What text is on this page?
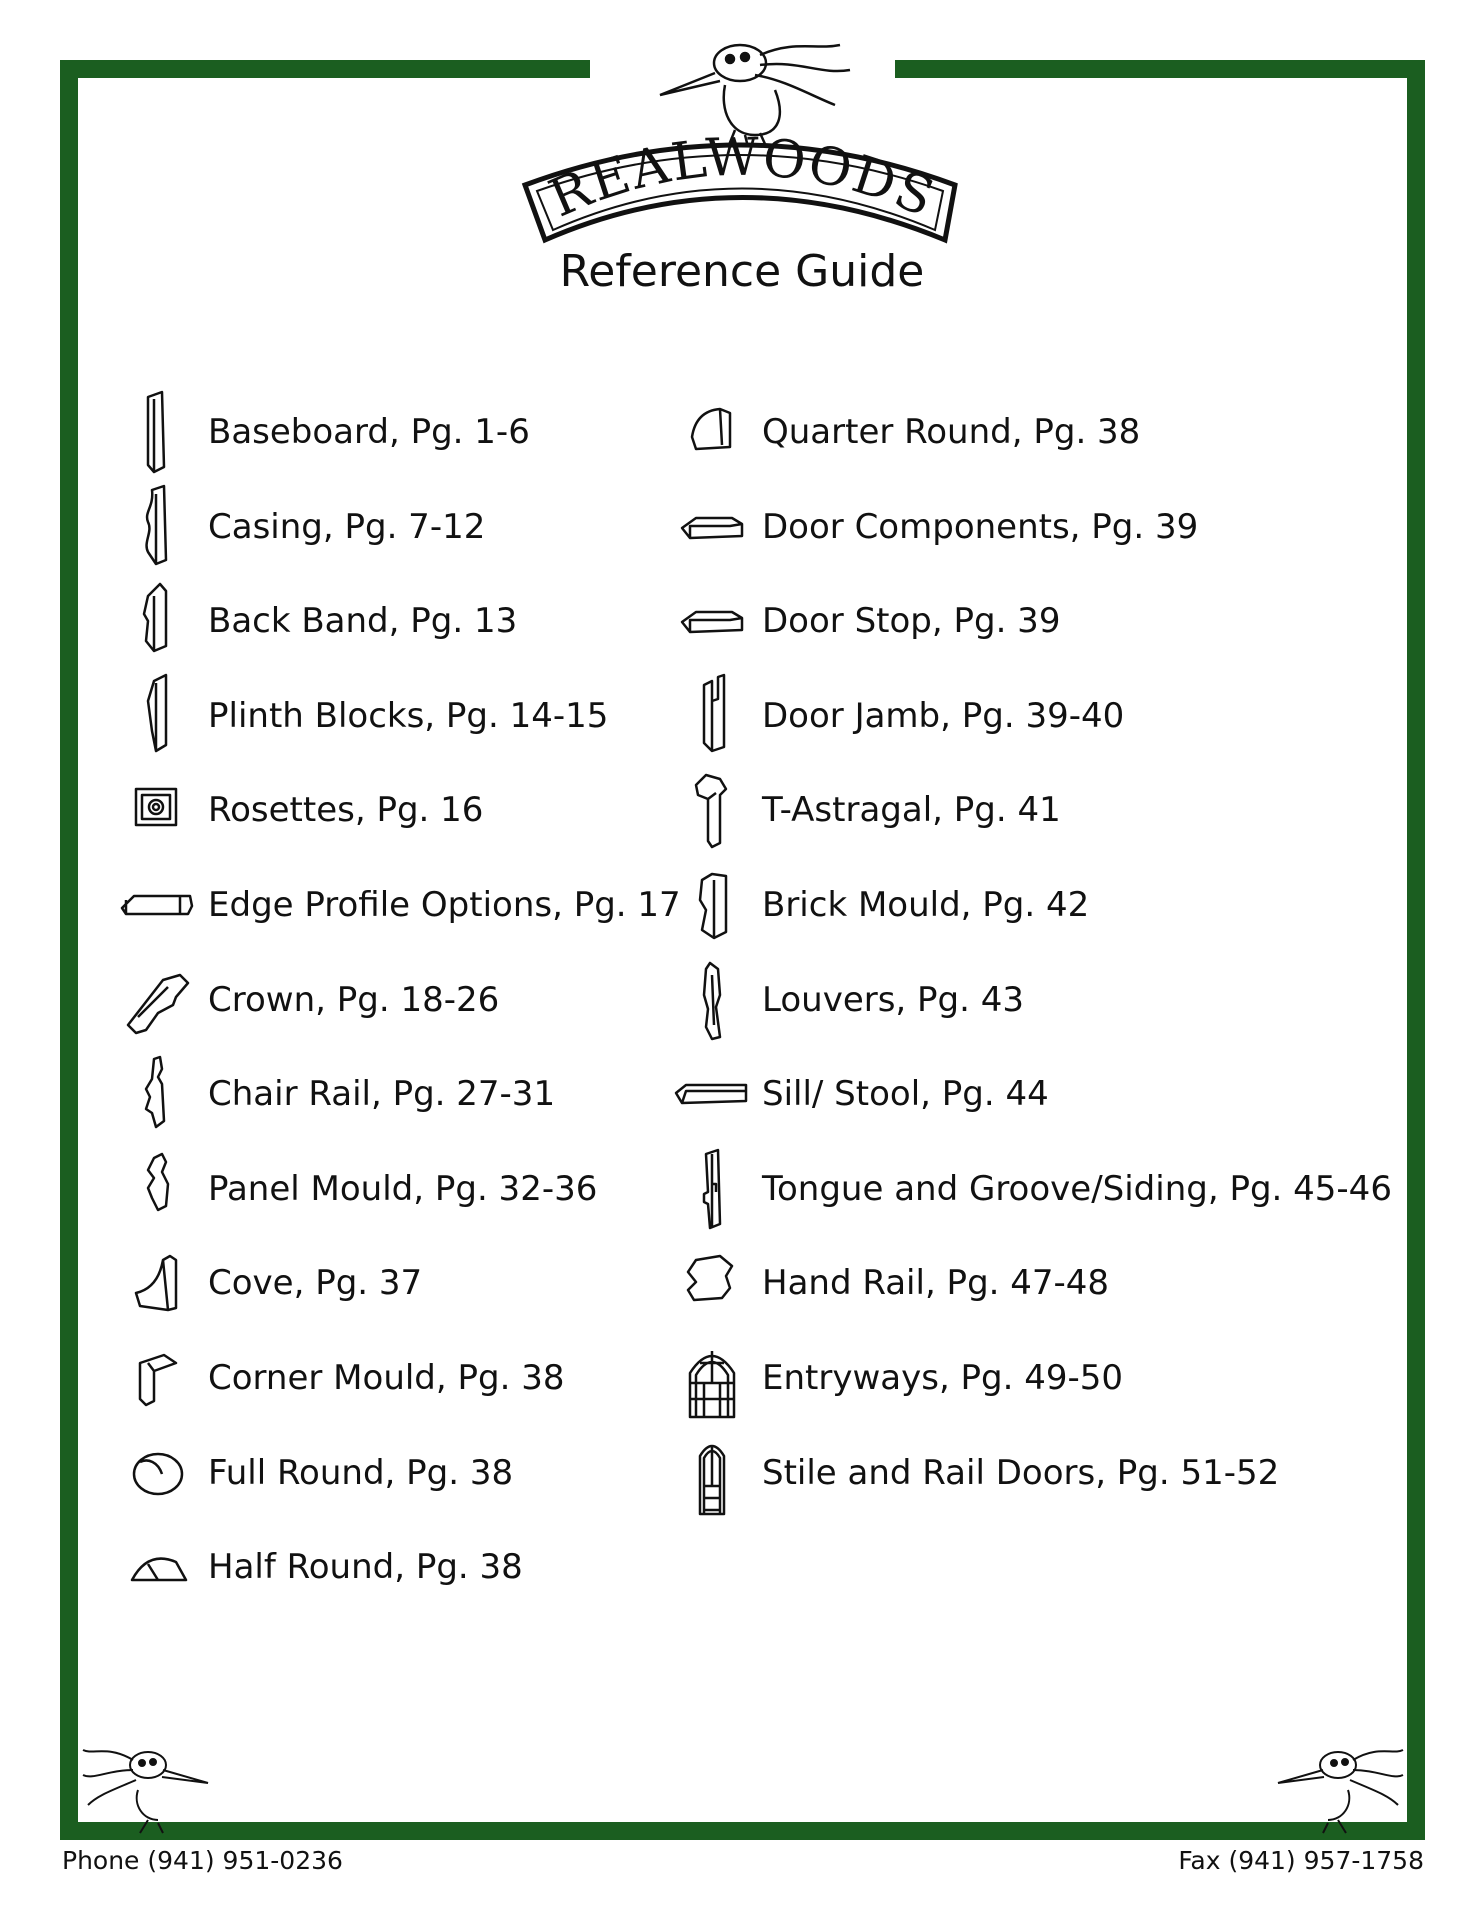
REALWOODS
Reference Guide
Baseboard, Pg. 1-6
Casing, Pg. 7-12
Back Band, Pg. 13
Plinth Blocks, Pg. 14-15
Rosettes, Pg. 16
Edge Profile Options, Pg. 17
Crown, Pg. 18-26
Chair Rail, Pg. 27-31
Panel Mould, Pg. 32-36
Cove, Pg. 37
Corner Mould, Pg. 38
Full Round, Pg. 38
Half Round, Pg. 38
Quarter Round, Pg. 38
Door Components, Pg. 39
Door Stop, Pg. 39
Door Jamb, Pg. 39-40
T-Astragal, Pg. 41
Brick Mould, Pg. 42
Louvers, Pg. 43
Sill/ Stool, Pg. 44
Tongue and Groove/Siding, Pg. 45-46
Hand Rail, Pg. 47-48
Entryways, Pg. 49-50
Stile and Rail Doors, Pg. 51-52
Phone (941) 951-0236	Fax (941) 957-1758
